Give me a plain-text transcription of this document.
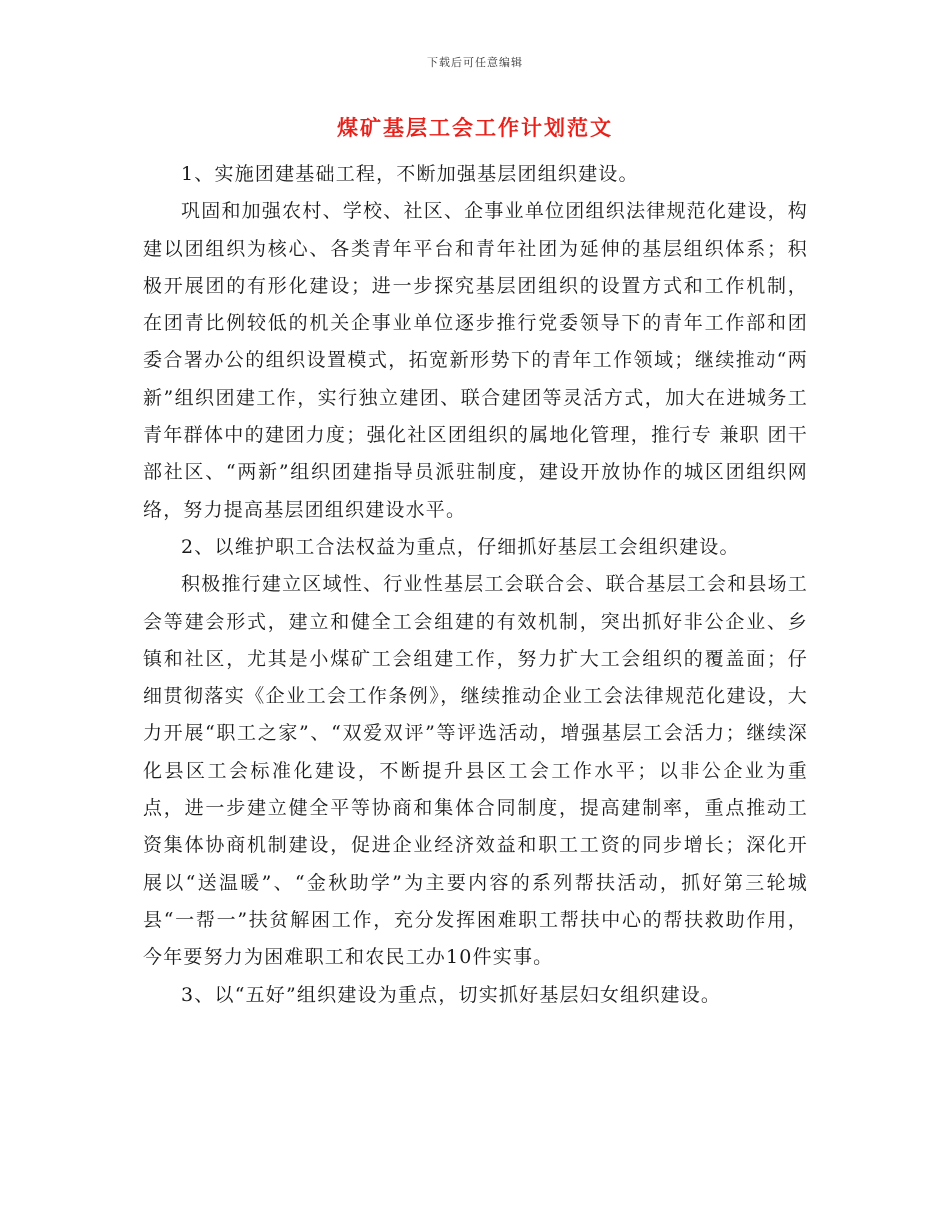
下载后可任意编辑
煤矿基层工会工作计划范文

1、实施团建基础工程，不断加强基层团组织建设。

巩固和加强农村、学校、社区、企事业单位团组织法律规范化建设，构建以团组织为核心、各类青年平台和青年社团为延伸的基层组织体系；积极开展团的有形化建设；进一步探究基层团组织的设置方式和工作机制，在团青比例较低的机关企事业单位逐步推行党委领导下的青年工作部和团委合署办公的组织设置模式，拓宽新形势下的青年工作领域；继续推动“两新”组织团建工作，实行独立建团、联合建团等灵活方式，加大在进城务工青年群体中的建团力度；强化社区团组织的属地化管理，推行专 兼职 团干部社区、“两新”组织团建指导员派驻制度，建设开放协作的城区团组织网络，努力提高基层团组织建设水平。

2、以维护职工合法权益为重点，仔细抓好基层工会组织建设。

积极推行建立区域性、行业性基层工会联合会、联合基层工会和县场工会等建会形式，建立和健全工会组建的有效机制，突出抓好非公企业、乡镇和社区，尤其是小煤矿工会组建工作，努力扩大工会组织的覆盖面；仔细贯彻落实《企业工会工作条例》，继续推动企业工会法律规范化建设，大力开展“职工之家”、“双爱双评”等评选活动，增强基层工会活力；继续深化县区工会标准化建设，不断提升县区工会工作水平；以非公企业为重点，进一步建立健全平等协商和集体合同制度，提高建制率，重点推动工资集体协商机制建设，促进企业经济效益和职工工资的同步增长；深化开展以“送温暖”、“金秋助学”为主要内容的系列帮扶活动，抓好第三轮城县“一帮一”扶贫解困工作，充分发挥困难职工帮扶中心的帮扶救助作用，今年要努力为困难职工和农民工办10件实事。

3、以“五好”组织建设为重点，切实抓好基层妇女组织建设。
